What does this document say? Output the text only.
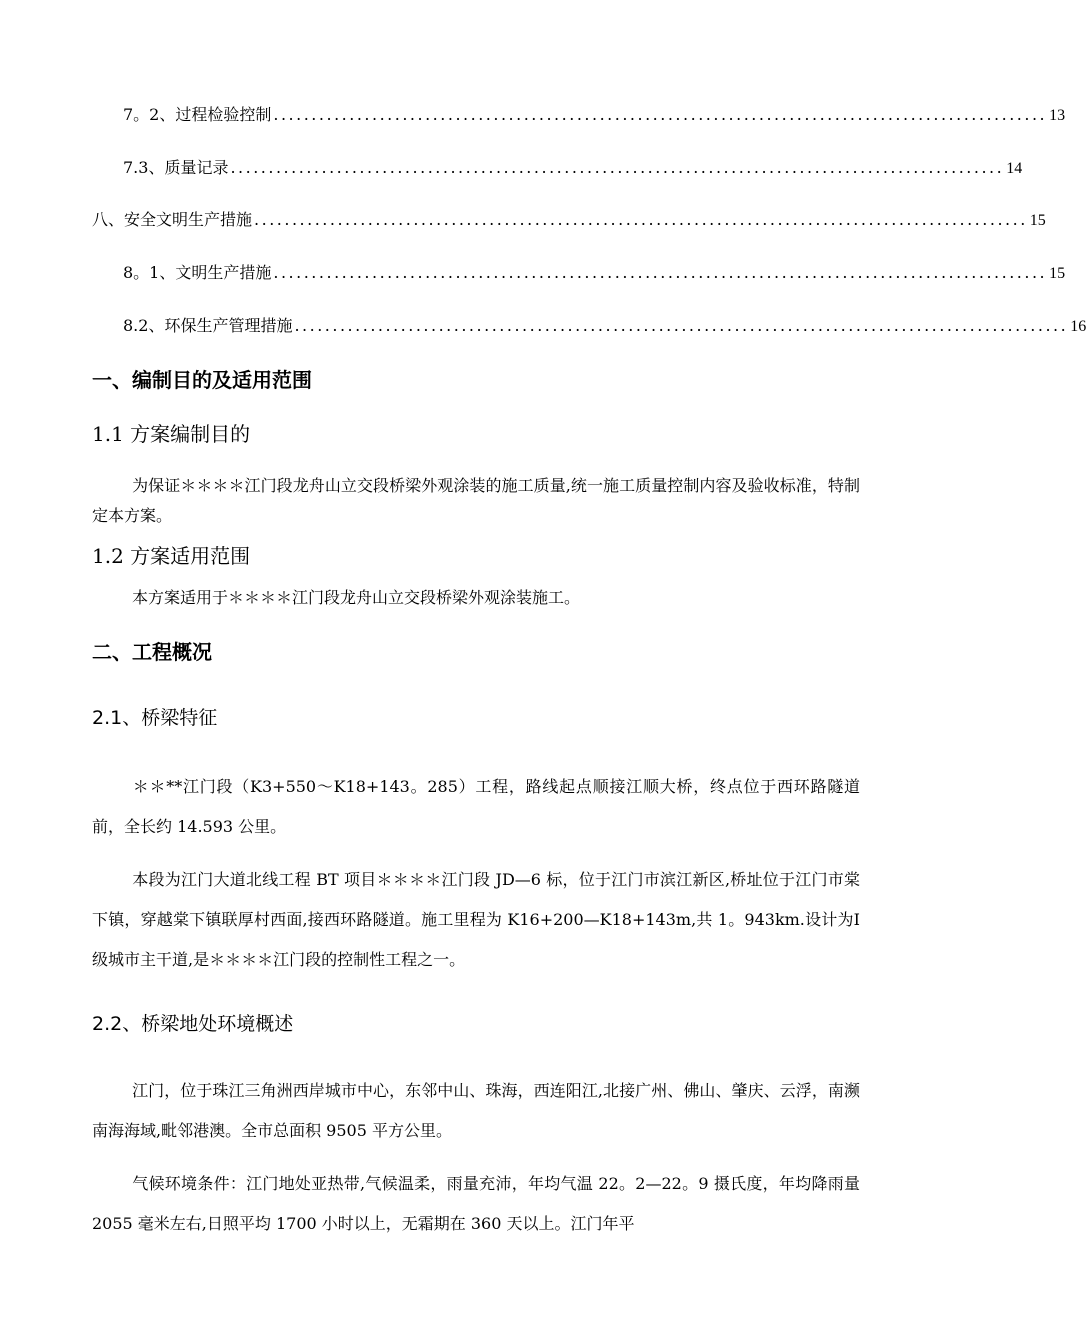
7。2、过程检验控制 ...................................................................................................... 13
7.3、质量记录 ...................................................................................................... 14
八、安全文明生产措施 ...................................................................................................... 15
8。1、文明生产措施 ...................................................................................................... 15
8.2、环保生产管理措施 ...................................................................................................... 16
一、编制目的及适用范围
1.1 方案编制目的
为保证＊＊＊＊江门段龙舟山立交段桥梁外观涂装的施工质量,统一施工质量控制内容及验收标准，特制定本方案。
1.2 方案适用范围
本方案适用于＊＊＊＊江门段龙舟山立交段桥梁外观涂装施工。
二、工程概况
2.1、桥梁特征
＊＊**江门段（K3+550～K18+143。285）工程，路线起点顺接江顺大桥，终点位于西环路隧道前，全长约 14.593 公里。
本段为江门大道北线工程 BT 项目＊＊＊＊江门段 JD—6 标，位于江门市滨江新区,桥址位于江门市棠下镇，穿越棠下镇联厚村西面,接西环路隧道。施工里程为 K16+200—K18+143m,共 1。943km.设计为Ⅰ 级城市主干道,是＊＊＊＊江门段的控制性工程之一。
2.2、桥梁地处环境概述
江门，位于珠江三角洲西岸城市中心，东邻中山、珠海，西连阳江,北接广州、佛山、肇庆、云浮，南濒南海海域,毗邻港澳。全市总面积 9505 平方公里。
气候环境条件：江门地处亚热带,气候温柔，雨量充沛，年均气温 22。2—22。9 摄氏度，年均降雨量 2055 毫米左右,日照平均 1700 小时以上，无霜期在 360 天以上。江门年平
